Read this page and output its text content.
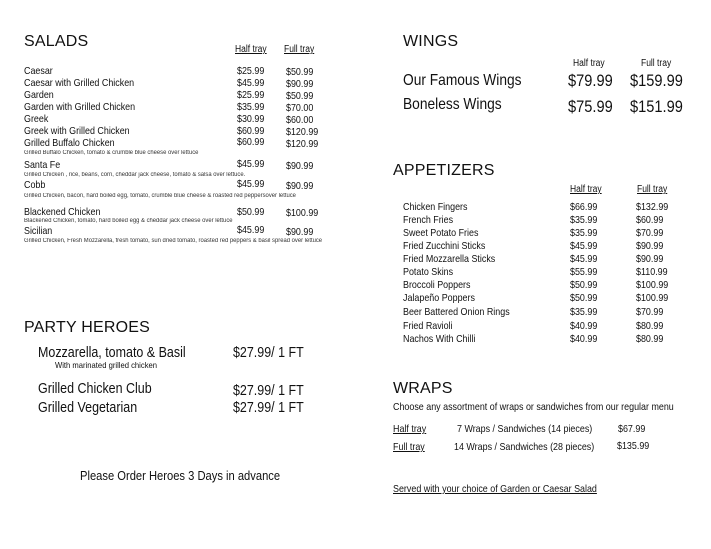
SALADS	Half tray	Full tray
Caesar	$25.99	$50.99
Caesar with Grilled Chicken	$45.99	$90.99
Garden	$25.99	$50.99
Garden with Grilled Chicken	$35.99	$70.00
Greek	$30.99	$60.00
Greek with Grilled Chicken	$60.99	$120.99
Grilled Buffalo Chicken	$60.99	$120.99
Grilled Buffalo Chicken, tomato & crumble blue cheese over lettuce
Santa Fe	$45.99	$90.99
Grilled Chicken , rice, beans, corn, cheddar jack cheese, tomato & salsa over lettuce.
Cobb	$45.99	$90.99
Grilled Chicken, bacon, hard boiled egg, tomato, crumble blue cheese & roasted red peppersover lettuce
Blackened Chicken	$50.99	$100.99
Blackened Chicken, tomato, hard boiled egg & cheddar jack cheese over lettuce
Sicilian	$45.99	$90.99
Grilled Chicken, Fresh Mozzarella, fresh tomato, sun dried tomato, roasted red peppers & basil spread over lettuce
PARTY HEROES
Mozzarella, tomato & Basil	$27.99/ 1 FT
With marinated grilled chicken
Grilled Chicken Club	$27.99/ 1 FT
Grilled Vegetarian	$27.99/ 1 FT
Please Order Heroes 3 Days in advance
WINGS
Half tray	Full tray
Our Famous Wings	$79.99	$159.99
Boneless Wings	$75.99	$151.99
APPETIZERS
Half tray	Full tray
Chicken Fingers	$66.99	$132.99
French Fries	$35.99	$60.99
Sweet Potato Fries	$35.99	$70.99
Fried Zucchini Sticks	$45.99	$90.99
Fried Mozzarella Sticks	$45.99	$90.99
Potato Skins	$55.99	$110.99
Broccoli Poppers	$50.99	$100.99
Jalapeño Poppers	$50.99	$100.99
Beer Battered Onion Rings	$35.99	$70.99
Fried Ravioli	$40.99	$80.99
Nachos With Chilli	$40.99	$80.99
WRAPS
Choose any assortment of wraps or sandwiches from our regular menu
Half tray	7 Wraps / Sandwiches (14 pieces)	$67.99
Full tray	14 Wraps / Sandwiches (28 pieces)	$135.99
Served with your choice of Garden or Caesar Salad
